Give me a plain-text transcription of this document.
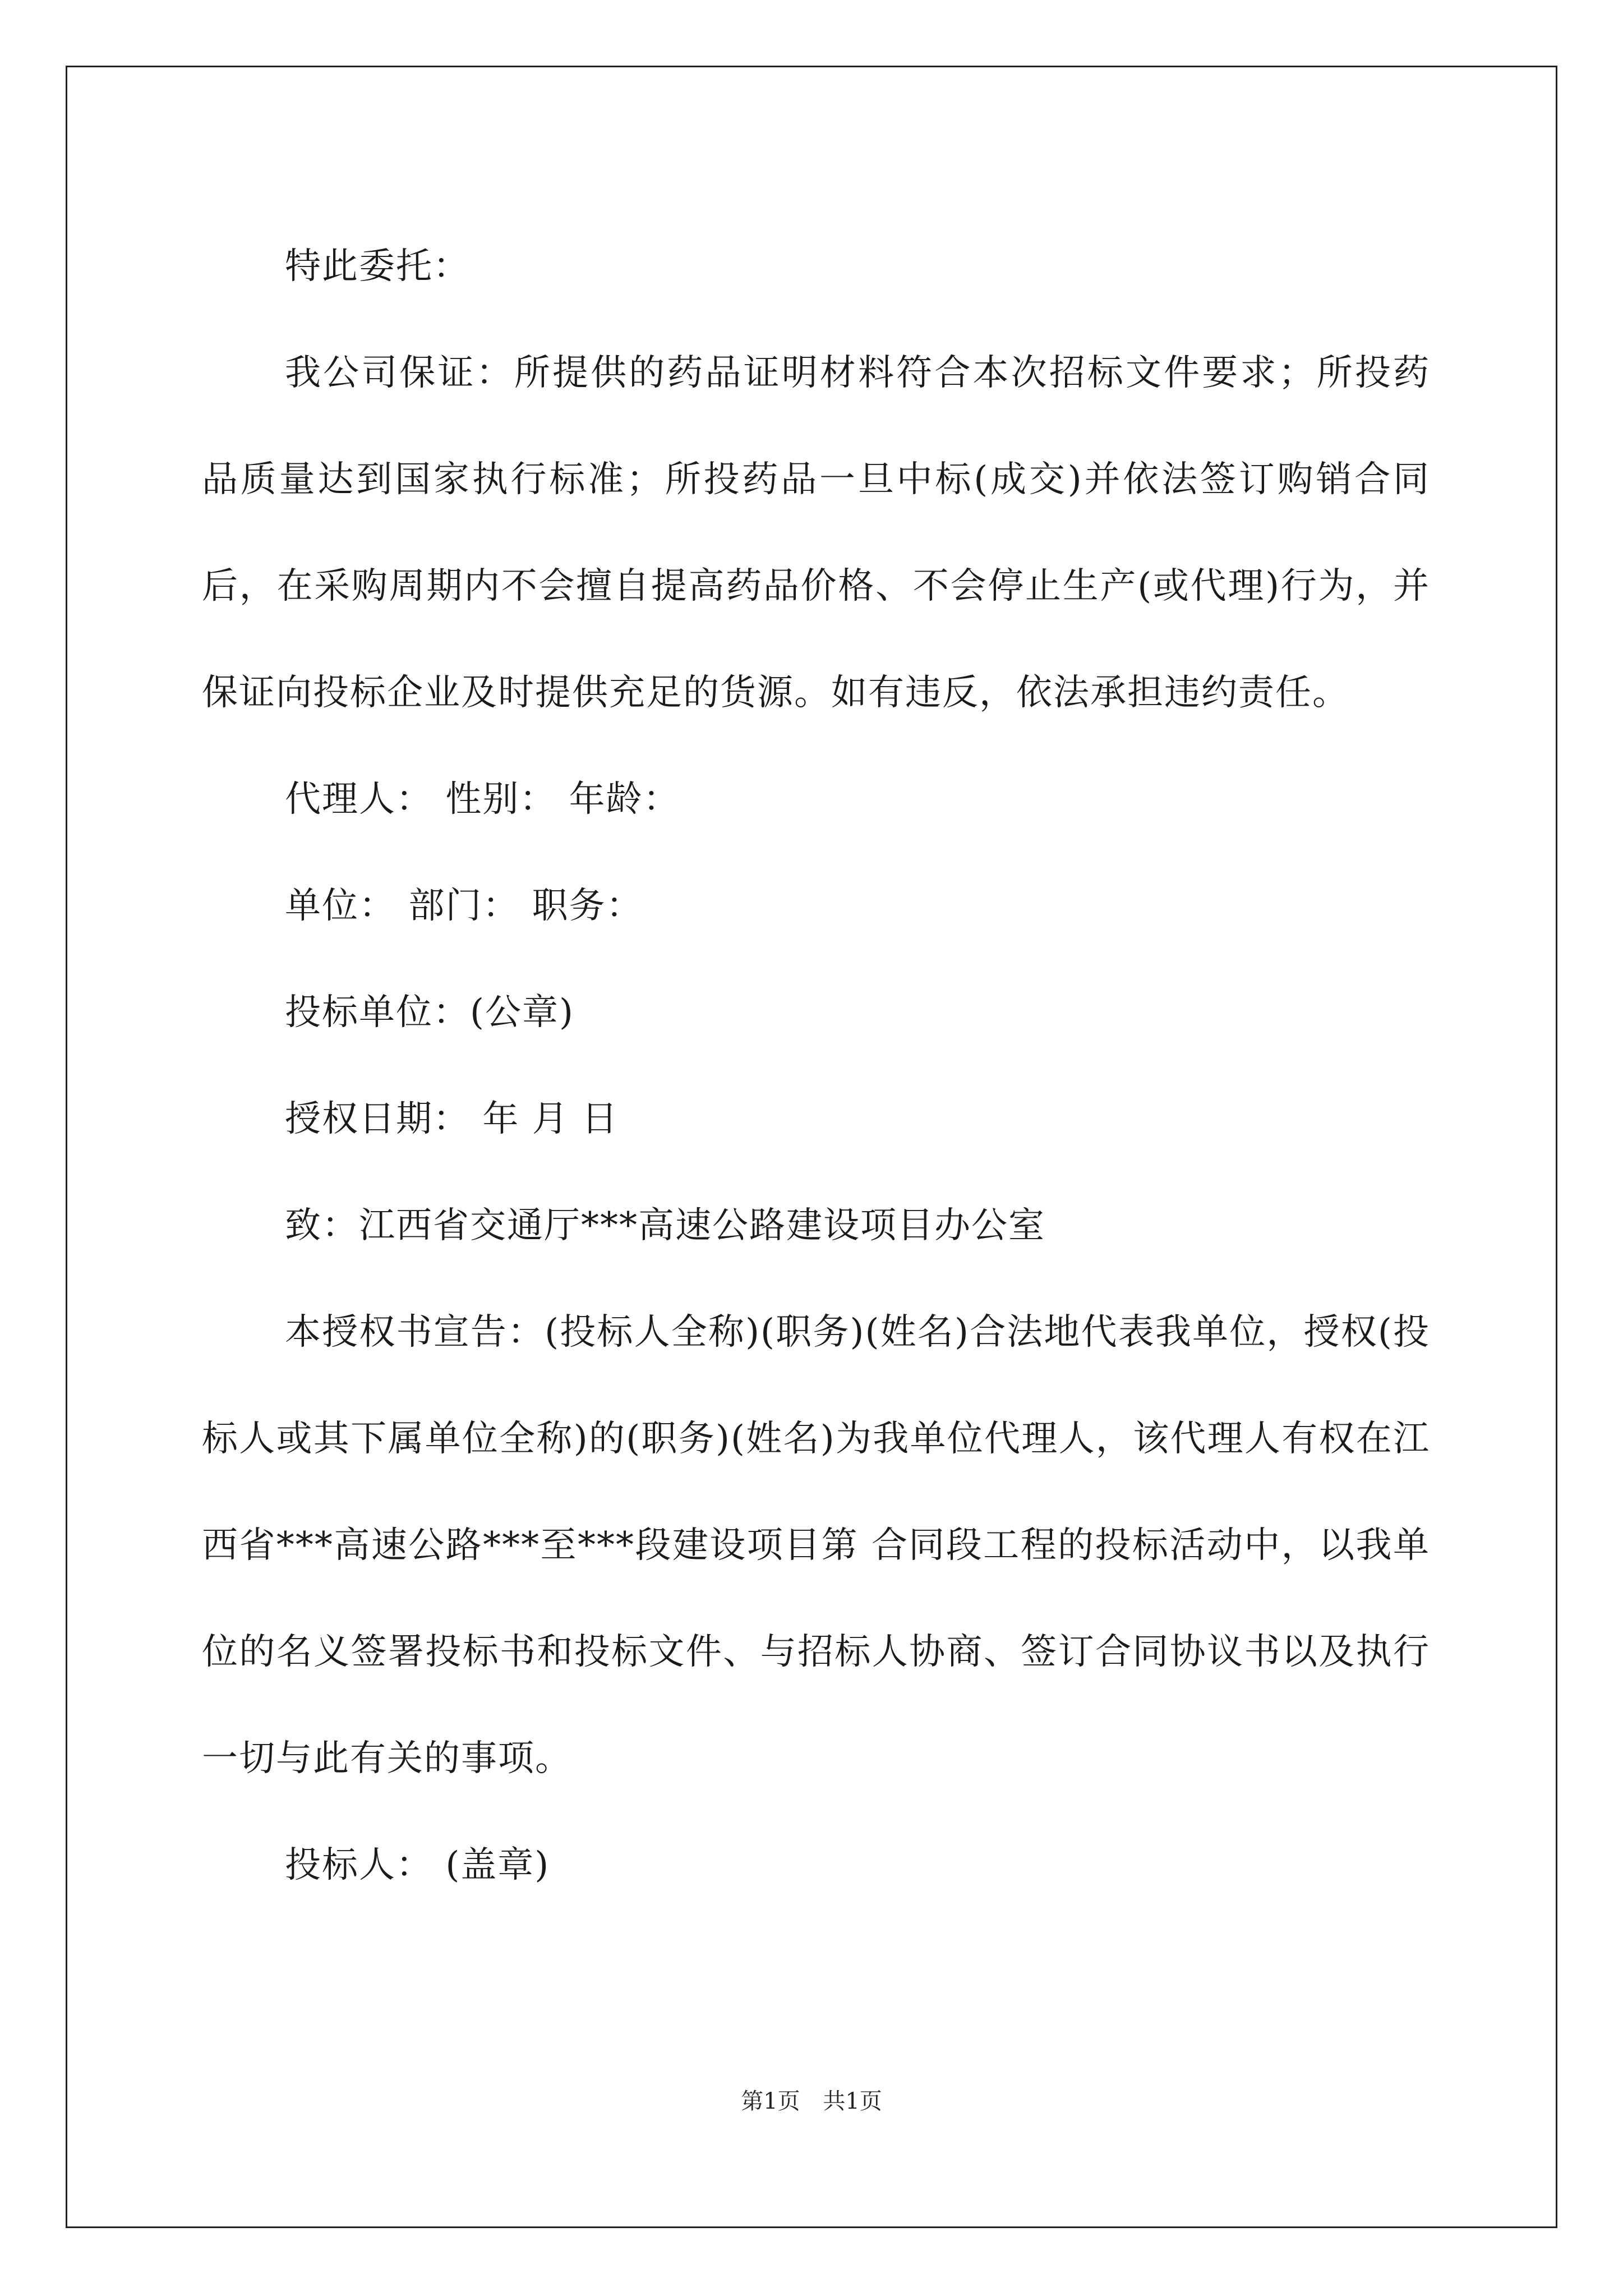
特此委托：

我公司保证：所提供的药品证明材料符合本次招标文件要求；所投药品质量达到国家执行标准；所投药品一旦中标(成交)并依法签订购销合同后，在采购周期内不会擅自提高药品价格、不会停止生产(或代理)行为，并保证向投标企业及时提供充足的货源。如有违反，依法承担违约责任。

代理人： 性别： 年龄：

单位： 部门： 职务：

投标单位：(公章)

授权日期： 年 月 日

致：江西省交通厅***高速公路建设项目办公室

本授权书宣告：(投标人全称)(职务)(姓名)合法地代表我单位，授权(投标人或其下属单位全称)的(职务)(姓名)为我单位代理人，该代理人有权在江西省***高速公路***至***段建设项目第 合同段工程的投标活动中，以我单位的名义签署投标书和投标文件、与招标人协商、签订合同协议书以及执行一切与此有关的事项。

投标人： (盖章)

第1页 共1页
